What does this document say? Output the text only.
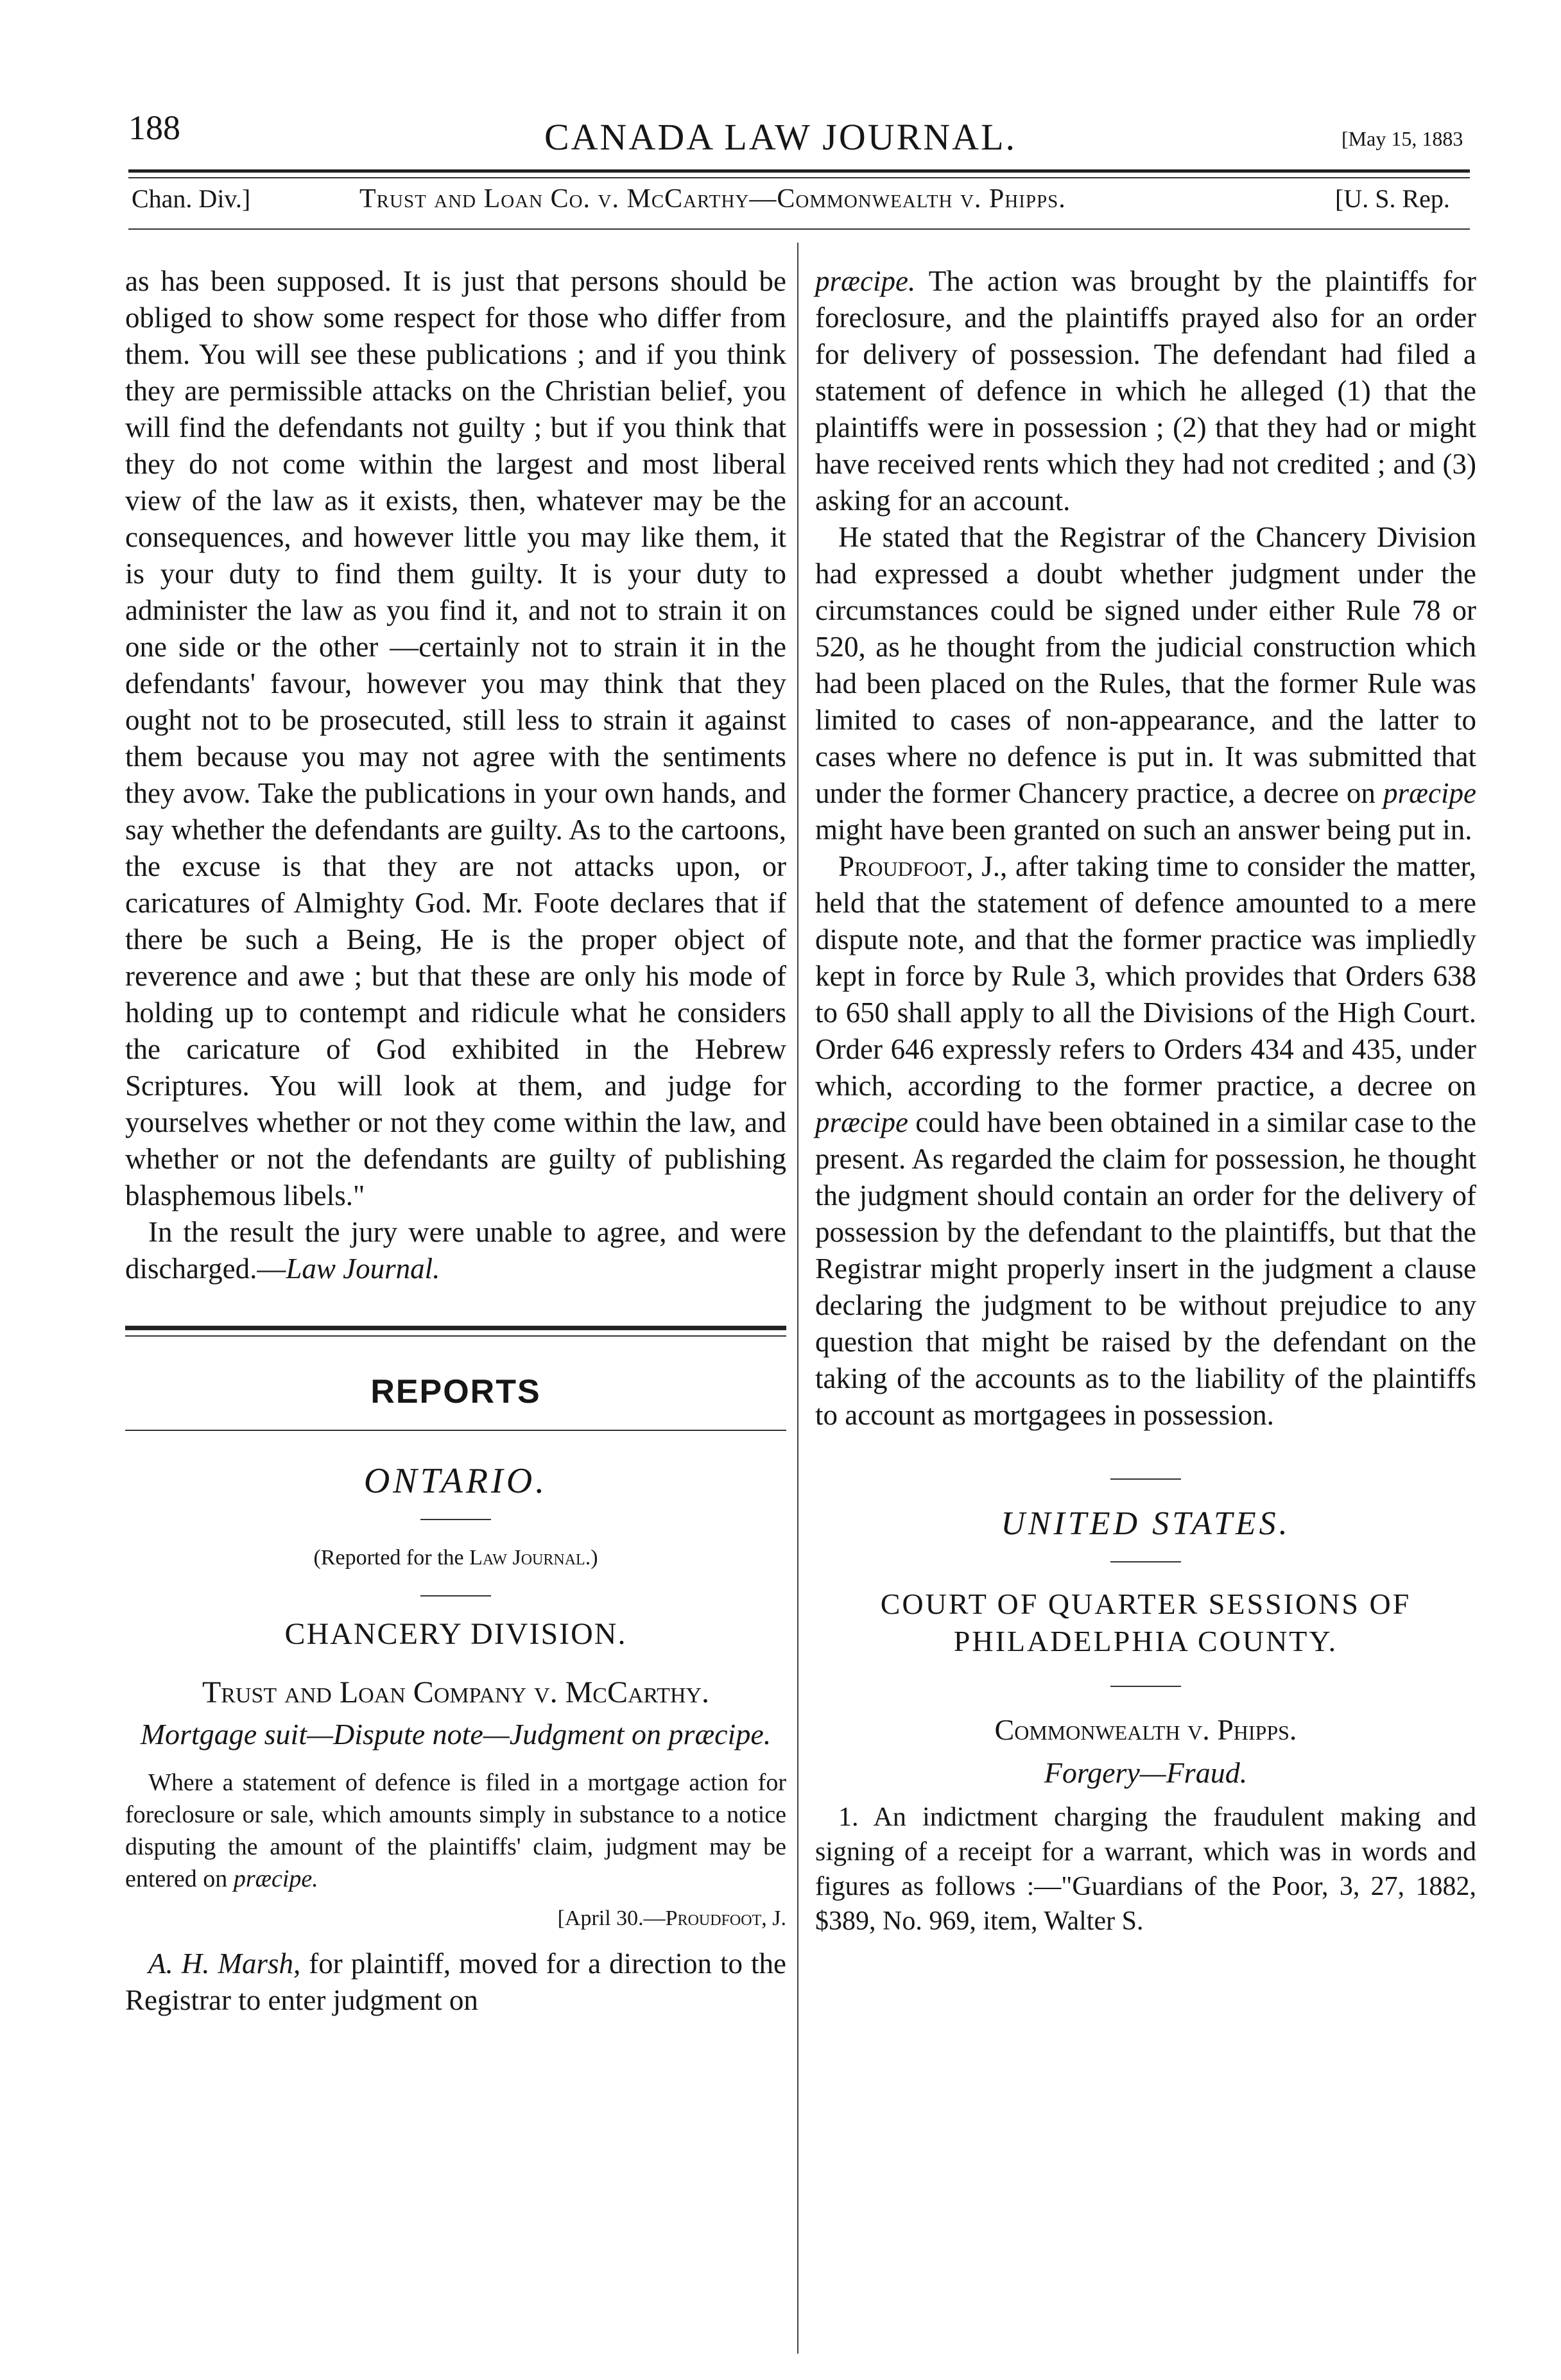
188	CANADA LAW JOURNAL.	[May 15, 1883
Chan. Div.]	Trust and Loan Co. v. McCarthy—Commonwealth v. Phipps.	[U. S. Rep.

as has been supposed. It is just that persons should be obliged to show some respect for those who differ from them. You will see these publications ; and if you think they are permissible attacks on the Christian belief, you will find the defendants not guilty ; but if you think that they do not come within the largest and most liberal view of the law as it exists, then, whatever may be the consequences, and however little you may like them, it is your duty to find them guilty. It is your duty to administer the law as you find it, and not to strain it on one side or the other —certainly not to strain it in the defendants' favour, however you may think that they ought not to be prosecuted, still less to strain it against them because you may not agree with the sentiments they avow. Take the publications in your own hands, and say whether the defendants are guilty. As to the cartoons, the excuse is that they are not attacks upon, or caricatures of Almighty God. Mr. Foote declares that if there be such a Being, He is the proper object of reverence and awe ; but that these are only his mode of holding up to contempt and ridicule what he considers the caricature of God exhibited in the Hebrew Scriptures. You will look at them, and judge for yourselves whether or not they come within the law, and whether or not the defendants are guilty of publishing blasphemous libels."

In the result the jury were unable to agree, and were discharged.—Law Journal.

REPORTS
ONTARIO.
(Reported for the Law Journal.)
CHANCERY DIVISION.
Trust and Loan Company v. McCarthy.
Mortgage suit—Dispute note—Judgment on præcipe.

Where a statement of defence is filed in a mortgage action for foreclosure or sale, which amounts simply in substance to a notice disputing the amount of the plaintiffs' claim, judgment may be entered on præcipe.

[April 30.—Proudfoot, J.

A. H. Marsh, for plaintiff, moved for a direction to the Registrar to enter judgment on

præcipe. The action was brought by the plaintiffs for foreclosure, and the plaintiffs prayed also for an order for delivery of possession. The defendant had filed a statement of defence in which he alleged (1) that the plaintiffs were in possession ; (2) that they had or might have received rents which they had not credited ; and (3) asking for an account.

He stated that the Registrar of the Chancery Division had expressed a doubt whether judgment under the circumstances could be signed under either Rule 78 or 520, as he thought from the judicial construction which had been placed on the Rules, that the former Rule was limited to cases of non-appearance, and the latter to cases where no defence is put in. It was submitted that under the former Chancery practice, a decree on præcipe might have been granted on such an answer being put in.

Proudfoot, J., after taking time to consider the matter, held that the statement of defence amounted to a mere dispute note, and that the former practice was impliedly kept in force by Rule 3, which provides that Orders 638 to 650 shall apply to all the Divisions of the High Court. Order 646 expressly refers to Orders 434 and 435, under which, according to the former practice, a decree on præcipe could have been obtained in a similar case to the present. As regarded the claim for possession, he thought the judgment should contain an order for the delivery of possession by the defendant to the plaintiffs, but that the Registrar might properly insert in the judgment a clause declaring the judgment to be without prejudice to any question that might be raised by the defendant on the taking of the accounts as to the liability of the plaintiffs to account as mortgagees in possession.

UNITED STATES.
COURT OF QUARTER SESSIONS OF
PHILADELPHIA COUNTY.
Commonwealth v. Phipps.
Forgery—Fraud.

1. An indictment charging the fraudulent making and signing of a receipt for a warrant, which was in words and figures as follows :—"Guardians of the Poor, 3, 27, 1882, $389, No. 969, item, Walter S.
